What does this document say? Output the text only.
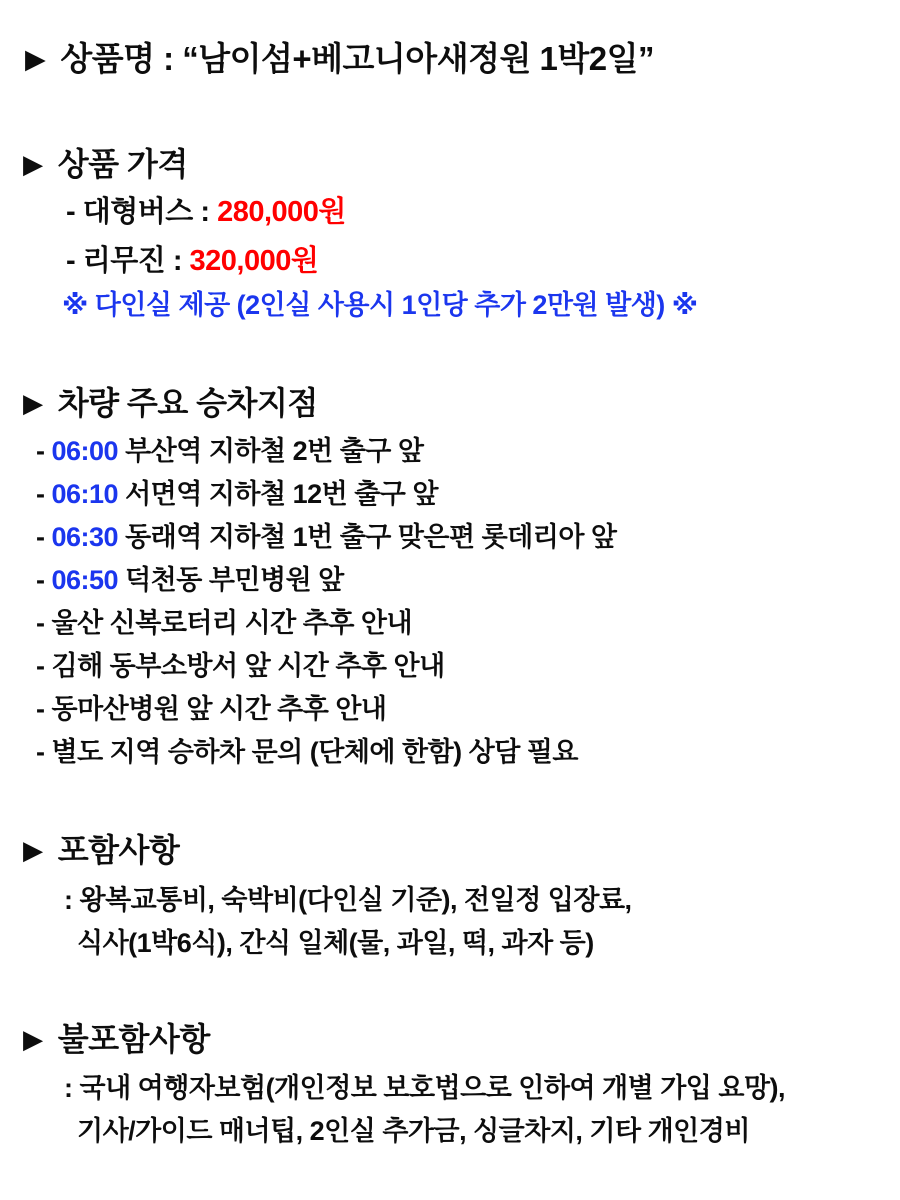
▶ 상품명 : “남이섬+베고니아새정원 1박2일”
▶ 상품 가격
- 대형버스 : 280,000원
- 리무진 : 320,000원
※ 다인실 제공 (2인실 사용시 1인당 추가 2만원 발생) ※
▶ 차량 주요 승차지점
- 06:00 부산역 지하철 2번 출구 앞
- 06:10 서면역 지하철 12번 출구 앞
- 06:30 동래역 지하철 1번 출구 맞은편 롯데리아 앞
- 06:50 덕천동 부민병원 앞
- 울산 신복로터리 시간 추후 안내
- 김해 동부소방서 앞 시간 추후 안내
- 동마산병원 앞 시간 추후 안내
- 별도 지역 승하차 문의 (단체에 한함) 상담 필요
▶ 포함사항
: 왕복교통비, 숙박비(다인실 기준), 전일정 입장료,
식사(1박6식), 간식 일체(물, 과일, 떡, 과자 등)
▶ 불포함사항
: 국내 여행자보험(개인정보 보호법으로 인하여 개별 가입 요망),
기사/가이드 매너팁, 2인실 추가금, 싱글차지, 기타 개인경비
